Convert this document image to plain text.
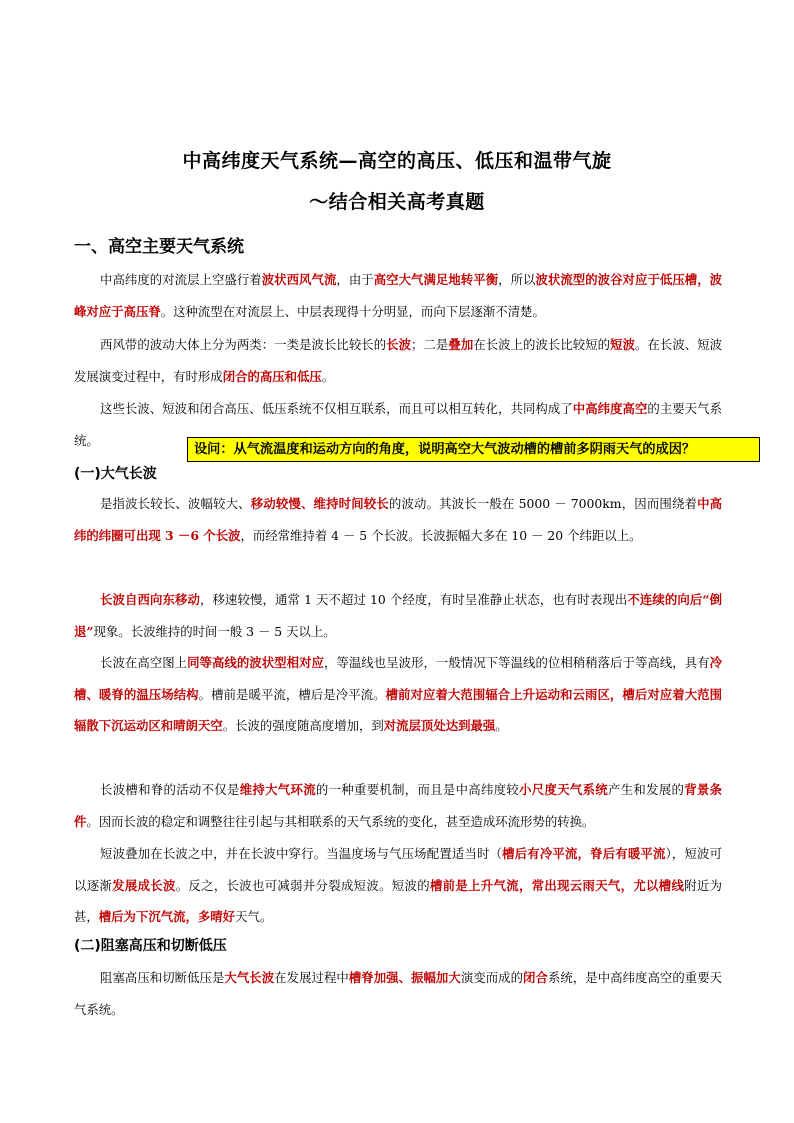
中高纬度天气系统—高空的高压、低压和温带气旋
～结合相关高考真题
一、高空主要天气系统
中高纬度的对流层上空盛行着波状西风气流，由于高空大气满足地转平衡，所以波状流型的波谷对应于低压槽，波峰对应于高压脊。这种流型在对流层上、中层表现得十分明显，而向下层逐渐不清楚。
西风带的波动大体上分为两类：一类是波长比较长的长波；二是叠加在长波上的波长比较短的短波。在长波、短波发展演变过程中，有时形成闭合的高压和低压。
这些长波、短波和闭合高压、低压系统不仅相互联系，而且可以相互转化，共同构成了中高纬度高空的主要天气系统。
设问：从气流温度和运动方向的角度，说明高空大气波动槽的槽前多阴雨天气的成因？
(一)大气长波
是指波长较长、波幅较大、移动较慢、维持时间较长的波动。其波长一般在 5000 － 7000km，因而围绕着中高纬的纬圈可出现 3 －6 个长波，而经常维持着 4 － 5 个长波。长波振幅大多在 10 － 20 个纬距以上。
长波自西向东移动，移速较慢，通常 1 天不超过 10 个经度，有时呈准静止状态，也有时表现出不连续的向后“倒退”现象。长波维持的时间一般 3 － 5 天以上。
长波在高空图上同等高线的波状型相对应，等温线也呈波形，一般情况下等温线的位相稍稍落后于等高线，具有冷槽、暖脊的温压场结构。槽前是暖平流，槽后是冷平流。槽前对应着大范围辐合上升运动和云雨区，槽后对应着大范围辐散下沉运动区和晴朗天空。长波的强度随高度增加，到对流层顶处达到最强。
长波槽和脊的活动不仅是维持大气环流的一种重要机制，而且是中高纬度较小尺度天气系统产生和发展的背景条件。因而长波的稳定和调整往往引起与其相联系的天气系统的变化，甚至造成环流形势的转换。
短波叠加在长波之中，并在长波中穿行。当温度场与气压场配置适当时（槽后有冷平流，脊后有暖平流），短波可以逐渐发展成长波。反之，长波也可减弱并分裂成短波。短波的槽前是上升气流，常出现云雨天气，尤以槽线附近为甚，槽后为下沉气流，多晴好天气。
(二)阻塞高压和切断低压
阻塞高压和切断低压是大气长波在发展过程中槽脊加强、振幅加大演变而成的闭合系统，是中高纬度高空的重要天气系统。
